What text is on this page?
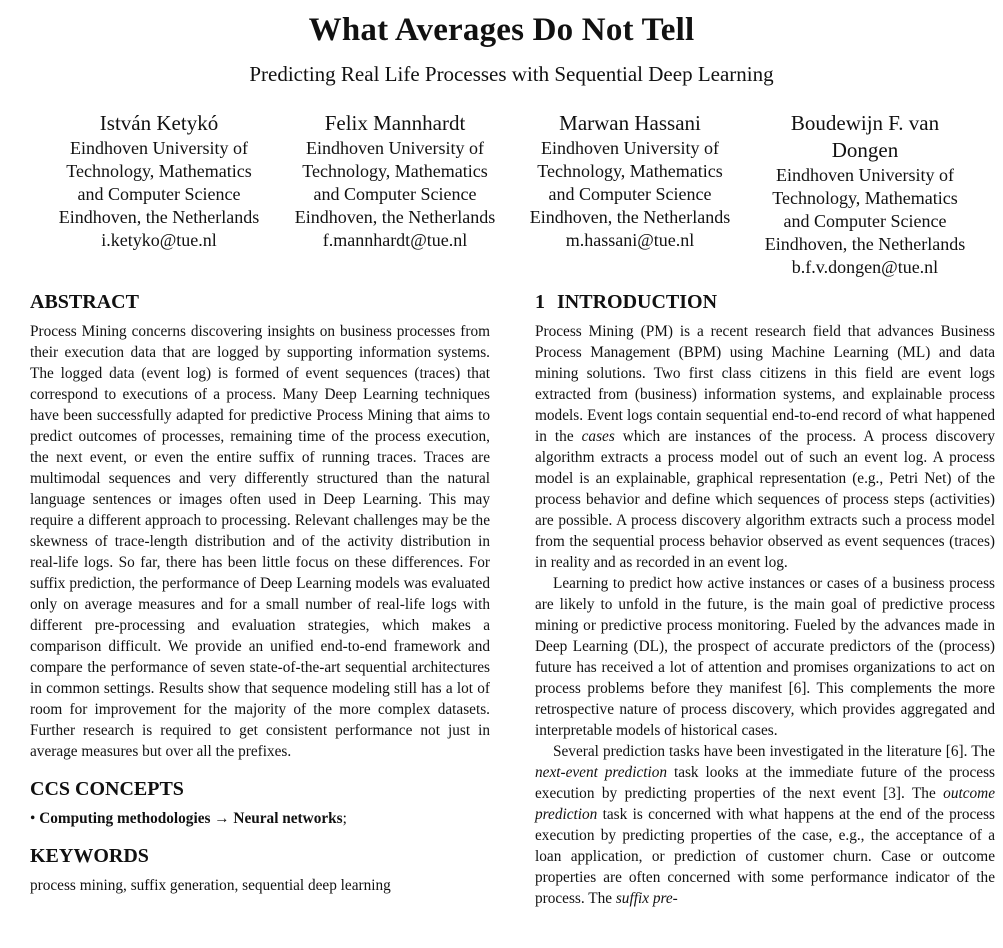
What Averages Do Not Tell
Predicting Real Life Processes with Sequential Deep Learning
István Ketykó
Eindhoven University of
Technology, Mathematics
and Computer Science
Eindhoven, the Netherlands
i.ketyko@tue.nl
Felix Mannhardt
Eindhoven University of
Technology, Mathematics
and Computer Science
Eindhoven, the Netherlands
f.mannhardt@tue.nl
Marwan Hassani
Eindhoven University of
Technology, Mathematics
and Computer Science
Eindhoven, the Netherlands
m.hassani@tue.nl
Boudewijn F. van
Dongen
Eindhoven University of
Technology, Mathematics
and Computer Science
Eindhoven, the Netherlands
b.f.v.dongen@tue.nl
ABSTRACT

Process Mining concerns discovering insights on business processes from their execution data that are logged by supporting information systems. The logged data (event log) is formed of event sequences (traces) that correspond to executions of a process. Many Deep Learning techniques have been successfully adapted for predictive Process Mining that aims to predict outcomes of processes, remaining time of the process execution, the next event, or even the entire suffix of running traces. Traces are multimodal sequences and very differently structured than the natural language sentences or images often used in Deep Learning. This may require a different approach to processing. Relevant challenges may be the skewness of trace-length distribution and of the activity distribution in real-life logs. So far, there has been little focus on these differences. For suffix prediction, the performance of Deep Learning models was evaluated only on average measures and for a small number of real-life logs with different pre-processing and evaluation strategies, which makes a comparison difficult. We provide an unified end-to-end framework and compare the performance of seven state-of-the-art sequential architectures in common settings. Results show that sequence modeling still has a lot of room for improvement for the majority of the more complex datasets. Further research is required to get consistent performance not just in average measures but over all the prefixes.

CCS CONCEPTS
• Computing methodologies → Neural networks;
KEYWORDS
process mining, suffix generation, sequential deep learning
1 INTRODUCTION

Process Mining (PM) is a recent research field that advances Business Process Management (BPM) using Machine Learning (ML) and data mining solutions. Two first class citizens in this field are event logs extracted from (business) information systems, and explainable process models. Event logs contain sequential end-to-end record of what happened in the cases which are instances of the process. A process discovery algorithm extracts a process model out of such an event log. A process model is an explainable, graphical representation (e.g., Petri Net) of the process behavior and define which sequences of process steps (activities) are possible. A process discovery algorithm extracts such a process model from the sequential process behavior observed as event sequences (traces) in reality and as recorded in an event log.

Learning to predict how active instances or cases of a business process are likely to unfold in the future, is the main goal of predictive process mining or predictive process monitoring. Fueled by the advances made in Deep Learning (DL), the prospect of accurate predictors of the (process) future has received a lot of attention and promises organizations to act on process problems before they manifest [6]. This complements the more retrospective nature of process discovery, which provides aggregated and interpretable models of historical cases.

Several prediction tasks have been investigated in the literature [6]. The next-event prediction task looks at the immediate future of the process execution by predicting properties of the next event [3]. The outcome prediction task is concerned with what happens at the end of the process execution by predicting properties of the case, e.g., the acceptance of a loan application, or prediction of customer churn. Case or outcome properties are often concerned with some performance indicator of the process. The suffix pre-
